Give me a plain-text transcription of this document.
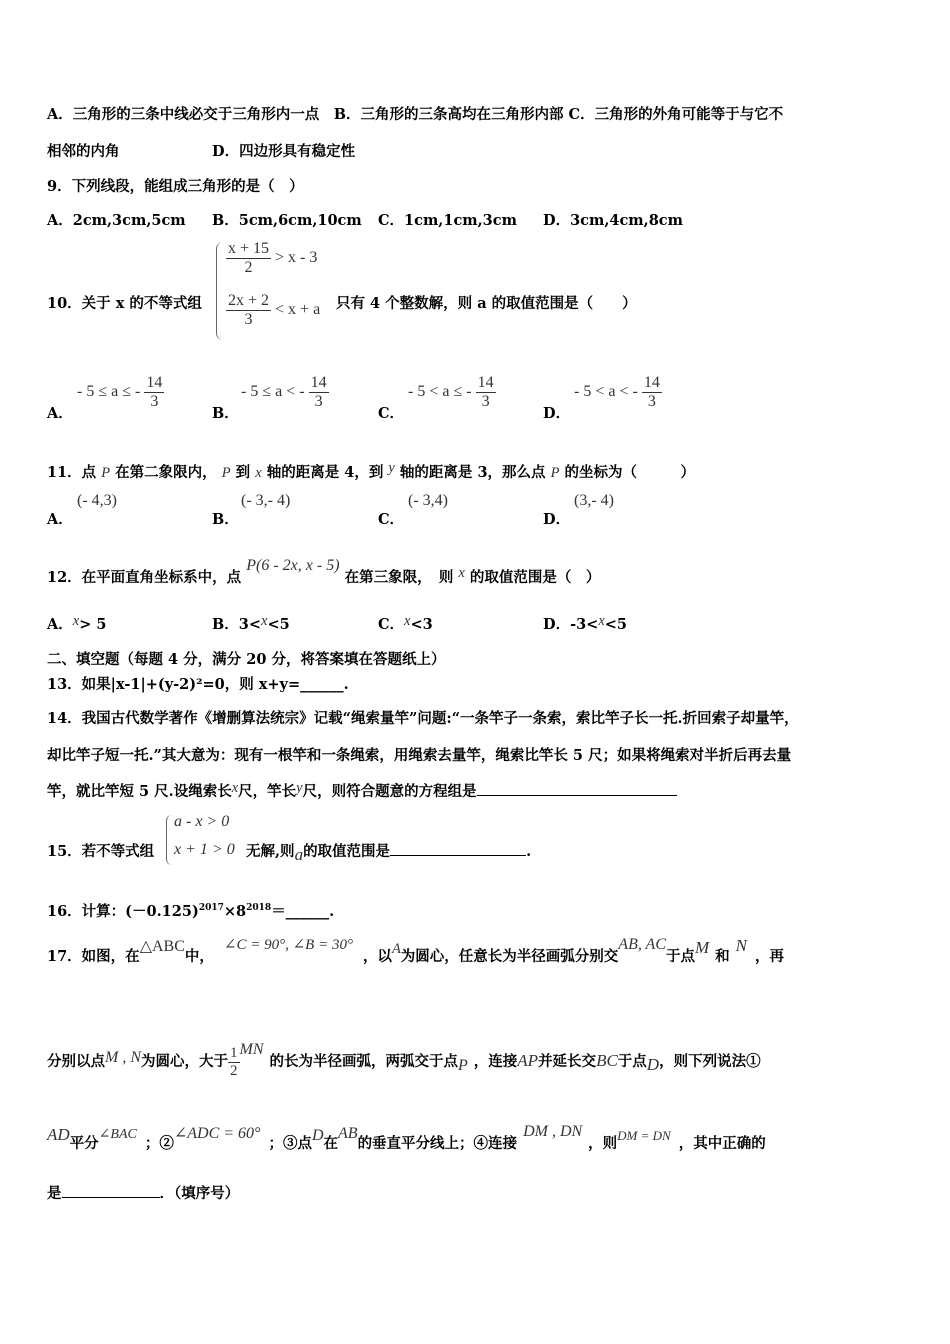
A．三角形的三条中线必交于三角形内一点　B．三角形的三条高均在三角形内部 C．三角形的外角可能等于与它不
相邻的内角	D．四边形具有稳定性
9．下列线段，能组成三角形的是（　）
A．2cm,3cm,5cm B．5cm,6cm,10cm C．1cm,1cm,3cm D．3cm,4cm,8cm
10．关于 x 的不等式组
$\frac{x + 15}{2} > x - 3$
$\frac{2x + 2}{3} < x + a$ 只有 4 个整数解，则 a 的取值范围是（　　）
A．
- 5 ≤ a ≤ - $\frac{14}{3}$
B．
- 5 ≤ a < - $\frac{14}{3}$
C．
- 5 < a ≤ - $\frac{14}{3}$
D．
- 5 < a < - $\frac{14}{3}$
11．点 P 在第二象限内， P 到 x 轴的距离是 4，到 y 轴的距离是 3，那么点 P 的坐标为（　　　）
A．
(- 4,3)
B．
(- 3,- 4)
C．
(- 3,4)
D．
(3,- 4)
12．在平面直角坐标系中，点 P(6 - 2x, x - 5) 在第三象限，　则 x 的取值范围是（　）
A．x> 5	B．3<x<5	C．x<3	D．-3<x<5
二、填空题（每题 4 分，满分 20 分，将答案填在答题纸上）
13．如果|x-1|+(y-2)²=0，则 x+y=______.
14．我国古代数学著作《增删算法统宗》记载“绳索量竿”问题:“一条竿子一条索，索比竿子长一托.折回索子却量竿，
却比竿子短一托.”其大意为：现有一根竿和一条绳索，用绳索去量竿，绳索比竿长 5 尺；如果将绳索对半折后再去量
竿，就比竿短 5 尺.设绳索长x尺，竿长y尺，则符合题意的方程组是
15．若不等式组
a - x > 0
x + 1 > 0 无解,则a的取值范围是	.
16．计算：$(-0.125)^{2017}\times 8^{2018}=\_\_\_\_\_\_$.
17．如图，在△ABC中，∠C = 90°, ∠B = 30°，以A为圆心，任意长为半径画弧分别交AB, AC于点M 和N，再
分别以点M , N为圆心，大于 $\frac{1}{2}$ MN的长为半径画弧，两弧交于点P ，连接AP并延长交BC于点D，则下列说法①
AD平分∠BAC；②∠ADC = 60°；③点D在AB的垂直平分线上；④连接DM , DN，则DM = DN ，其中正确的
是	．（填序号）
